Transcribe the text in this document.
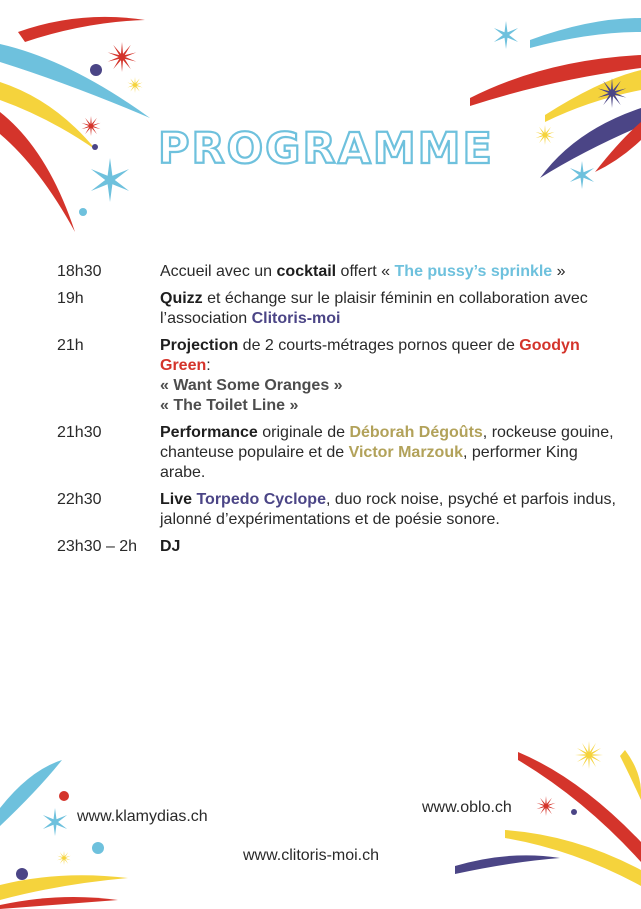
PROGRAMME
18h30	Accueil avec un cocktail offert « The pussy’s sprinkle »
19h	Quizz et échange sur le plaisir féminin en collaboration avec l’association Clitoris-moi
21h	Projection de 2 courts-métrages pornos queer de Goodyn Green:
« Want Some Oranges »
« The Toilet Line »
21h30	Performance originale de Déborah Dégoûts, rockeuse gouine, chanteuse populaire et de Victor Marzouk, performer King arabe.
22h30	Live Torpedo Cyclope, duo rock noise, psyché et parfois indus, jalonné d’expérimentations et de poésie sonore.
23h30 – 2h	DJ
www.klamydias.ch
www.oblo.ch
www.clitoris-moi.ch
